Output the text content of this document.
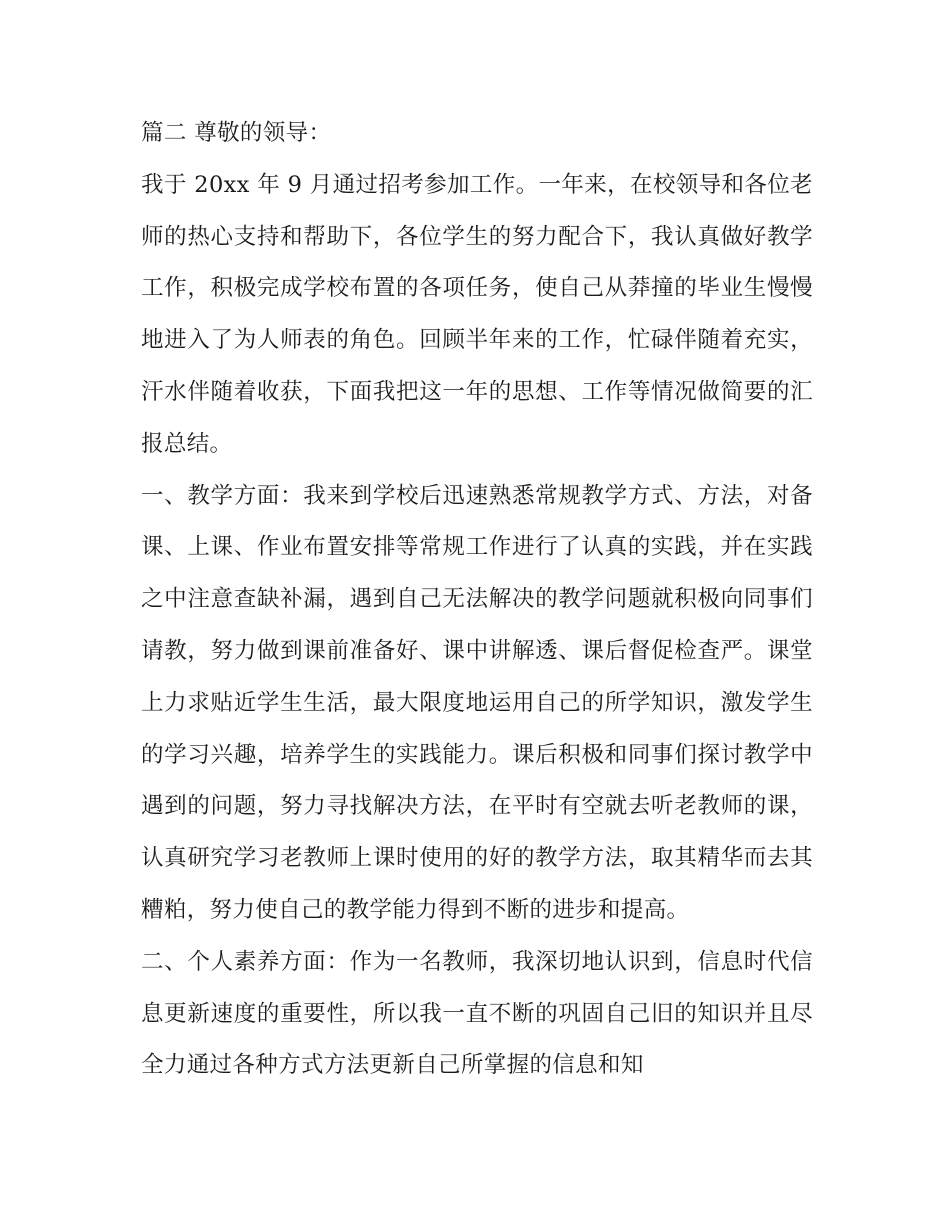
篇二 尊敬的领导：

我于 20xx 年 9 月通过招考参加工作。一年来，在校领导和各位老师的热心支持和帮助下，各位学生的努力配合下，我认真做好教学工作，积极完成学校布置的各项任务，使自己从莽撞的毕业生慢慢地进入了为人师表的角色。回顾半年来的工作，忙碌伴随着充实，汗水伴随着收获，下面我把这一年的思想、工作等情况做简要的汇报总结。

一、教学方面：我来到学校后迅速熟悉常规教学方式、方法，对备课、上课、作业布置安排等常规工作进行了认真的实践，并在实践之中注意查缺补漏，遇到自己无法解决的教学问题就积极向同事们请教，努力做到课前准备好、课中讲解透、课后督促检查严。课堂上力求贴近学生生活，最大限度地运用自己的所学知识，激发学生的学习兴趣，培养学生的实践能力。课后积极和同事们探讨教学中遇到的问题，努力寻找解决方法，在平时有空就去听老教师的课，认真研究学习老教师上课时使用的好的教学方法，取其精华而去其糟粕，努力使自己的教学能力得到不断的进步和提高。

二、个人素养方面：作为一名教师，我深切地认识到，信息时代信息更新速度的重要性，所以我一直不断的巩固自己旧的知识并且尽全力通过各种方式方法更新自己所掌握的信息和知
